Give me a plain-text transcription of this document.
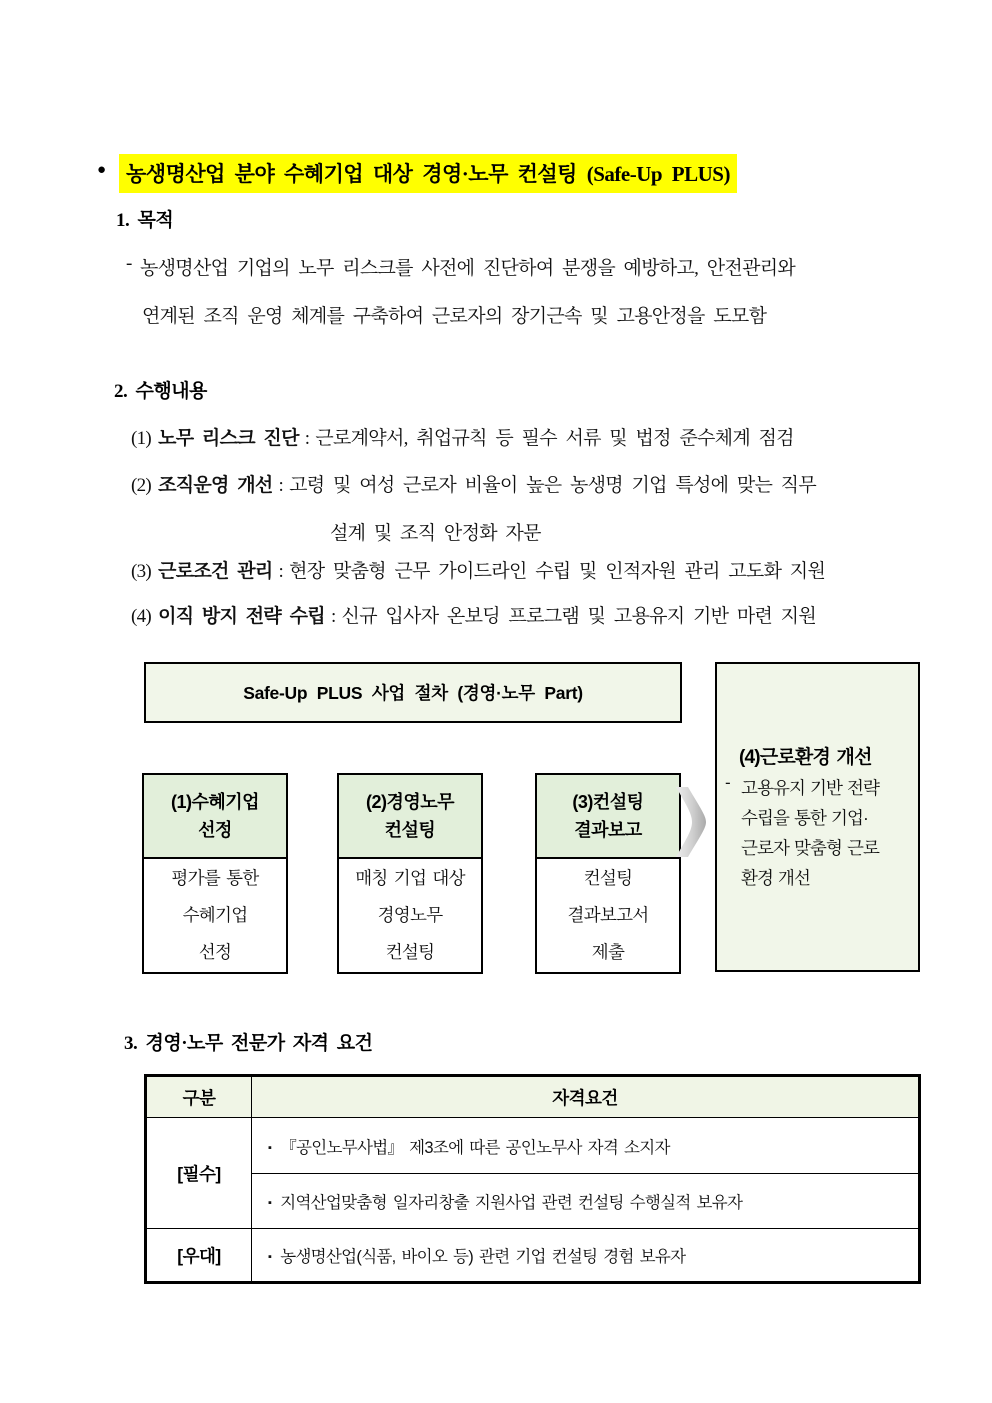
● 농생명산업 분야 수혜기업 대상 경영·노무 컨설팅 (Safe-Up PLUS)
1. 목적
- 농생명산업 기업의 노무 리스크를 사전에 진단하여 분쟁을 예방하고, 안전관리와
연계된 조직 운영 체계를 구축하여 근로자의 장기근속 및 고용안정을 도모함
2. 수행내용
(1) 노무 리스크 진단 : 근로계약서, 취업규칙 등 필수 서류 및 법정 준수체계 점검
(2) 조직운영 개선 : 고령 및 여성 근로자 비율이 높은 농생명 기업 특성에 맞는 직무
설계 및 조직 안정화 자문
(3) 근로조건 관리 : 현장 맞춤형 근무 가이드라인 수립 및 인적자원 관리 고도화 지원
(4) 이직 방지 전략 수립 : 신규 입사자 온보딩 프로그램 및 고용유지 기반 마련 지원
Safe-Up PLUS 사업 절차 (경영·노무 Part)
(1)수혜기업
선정
평가를 통한
수혜기업
선정
(2)경영노무
컨설팅
매칭 기업 대상
경영노무
컨설팅
(3)컨설팅
결과보고
컨설팅
결과보고서
제출
(4)근로환경 개선
- 고용유지 기반 전략
수립을 통한 기업·
근로자 맞춤형 근로
환경 개선
3. 경영·노무 전문가 자격 요건
구분	자격요건
[필수]	▪ 『공인노무사법』 제3조에 따른 공인노무사 자격 소지자
	▪ 지역산업맞춤형 일자리창출 지원사업 관련 컨설팅 수행실적 보유자
[우대]	▪ 농생명산업(식품, 바이오 등) 관련 기업 컨설팅 경험 보유자
